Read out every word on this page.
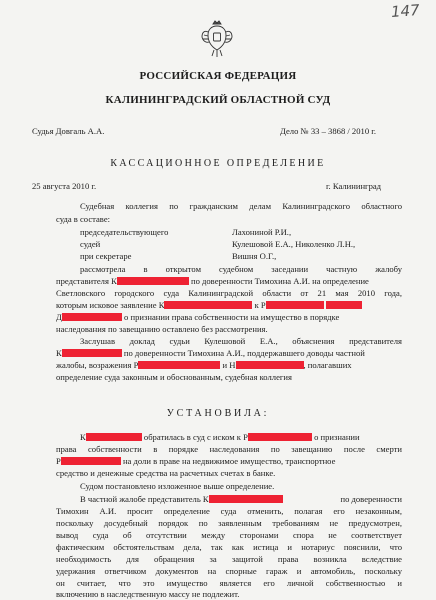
147
РОССИЙСКАЯ ФЕДЕРАЦИЯ
КАЛИНИНГРАДСКИЙ ОБЛАСТНОЙ СУД
Судья Довгаль А.А.	Дело № 33 – 3868 / 2010 г.
КАССАЦИОННОЕ ОПРЕДЕЛЕНИЕ
25 августа 2010 г.	г. Калининград
Судебная коллегия по гражданским делам Калининградского областного
суда в составе:
председательствующего	Лахониной Р.И.,
судей	Кулешовой Е.А., Николенко Л.Н.,
при секретаре	Вишня О.Г.,
рассмотрела в открытом судебном заседании частную жалобу
представителя К	по доверенности Тимохина А.И. на определение
Светловского городского суда Калининградской области от 21 мая 2010 года,
которым исковое заявление К	к Р
Д	о признании права собственности на имущество в порядке
наследования по завещанию оставлено без рассмотрения.
Заслушав доклад судьи Кулешовой Е.А., объяснения представителя
К	по доверенности Тимохина А.И., поддержавшего доводы частной
жалобы, возражения Р	и Н	, полагавших
определение суда законным и обоснованным, судебная коллегия
УСТАНОВИЛА:
К	обратилась в суд с иском к Р	о признании
права собственности в порядке наследования по завещанию после смерти
Р	на доли в праве на недвижимое имущество, транспортное
средство и денежные средства на расчетных счетах в банке.
Судом постановлено изложенное выше определение.
В частной жалобе представитель К	по доверенности
Тимохин А.И. просит определение суда отменить, полагая его незаконным,
поскольку досудебный порядок по заявленным требованиям не предусмотрен,
вывод суда об отсутствии между сторонами спора не соответствует
фактическим обстоятельствам дела, так как истица и нотариус пояснили, что
необходимость для обращения за защитой права возникла вследствие
удержания ответчиком документов на спорные гараж и автомобиль, поскольку
он считает, что это имущество является его личной собственностью и
включению в наследственную массу не подлежит.
